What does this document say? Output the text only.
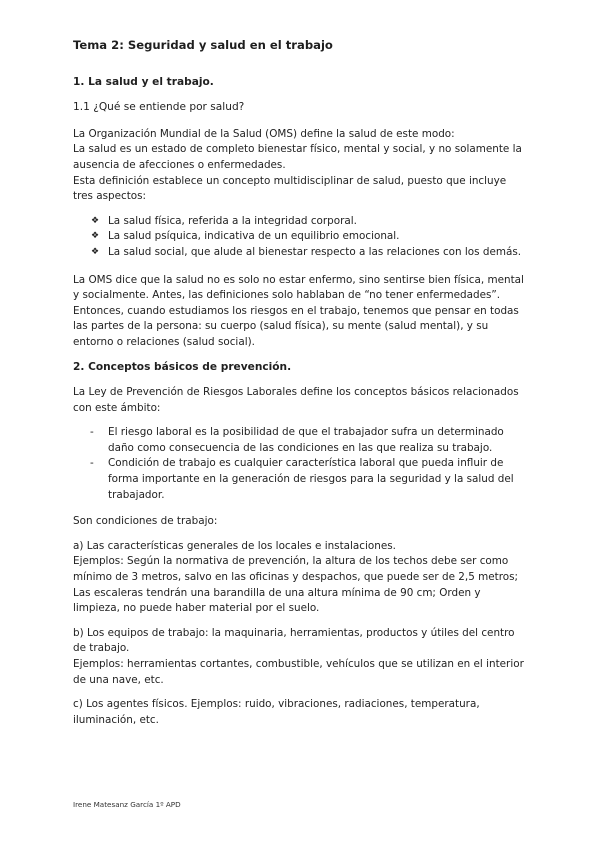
Tema 2: Seguridad y salud en el trabajo
1. La salud y el trabajo.
1.1 ¿Qué se entiende por salud?

La Organización Mundial de la Salud (OMS) define la salud de este modo:
La salud es un estado de completo bienestar físico, mental y social, y no solamente la ausencia de afecciones o enfermedades.
Esta definición establece un concepto multidisciplinar de salud, puesto que incluye tres aspectos:

❖ La salud física, referida a la integridad corporal.
❖ La salud psíquica, indicativa de un equilibrio emocional.
❖ La salud social, que alude al bienestar respecto a las relaciones con los demás.

La OMS dice que la salud no es solo no estar enfermo, sino sentirse bien física, mental y socialmente. Antes, las definiciones solo hablaban de “no tener enfermedades”. Entonces, cuando estudiamos los riesgos en el trabajo, tenemos que pensar en todas las partes de la persona: su cuerpo (salud física), su mente (salud mental), y su entorno o relaciones (salud social).

2. Conceptos básicos de prevención.

La Ley de Prevención de Riesgos Laborales define los conceptos básicos relacionados con este ámbito:

- El riesgo laboral es la posibilidad de que el trabajador sufra un determinado daño como consecuencia de las condiciones en las que realiza su trabajo.
- Condición de trabajo es cualquier característica laboral que pueda influir de forma importante en la generación de riesgos para la seguridad y la salud del trabajador.

Son condiciones de trabajo:

a) Las características generales de los locales e instalaciones.
Ejemplos: Según la normativa de prevención, la altura de los techos debe ser como mínimo de 3 metros, salvo en las oficinas y despachos, que puede ser de 2,5 metros; Las escaleras tendrán una barandilla de una altura mínima de 90 cm; Orden y limpieza, no puede haber material por el suelo.

b) Los equipos de trabajo: la maquinaria, herramientas, productos y útiles del centro de trabajo.
Ejemplos: herramientas cortantes, combustible, vehículos que se utilizan en el interior de una nave, etc.

c) Los agentes físicos. Ejemplos: ruido, vibraciones, radiaciones, temperatura, iluminación, etc.

Irene Matesanz García 1º APD
